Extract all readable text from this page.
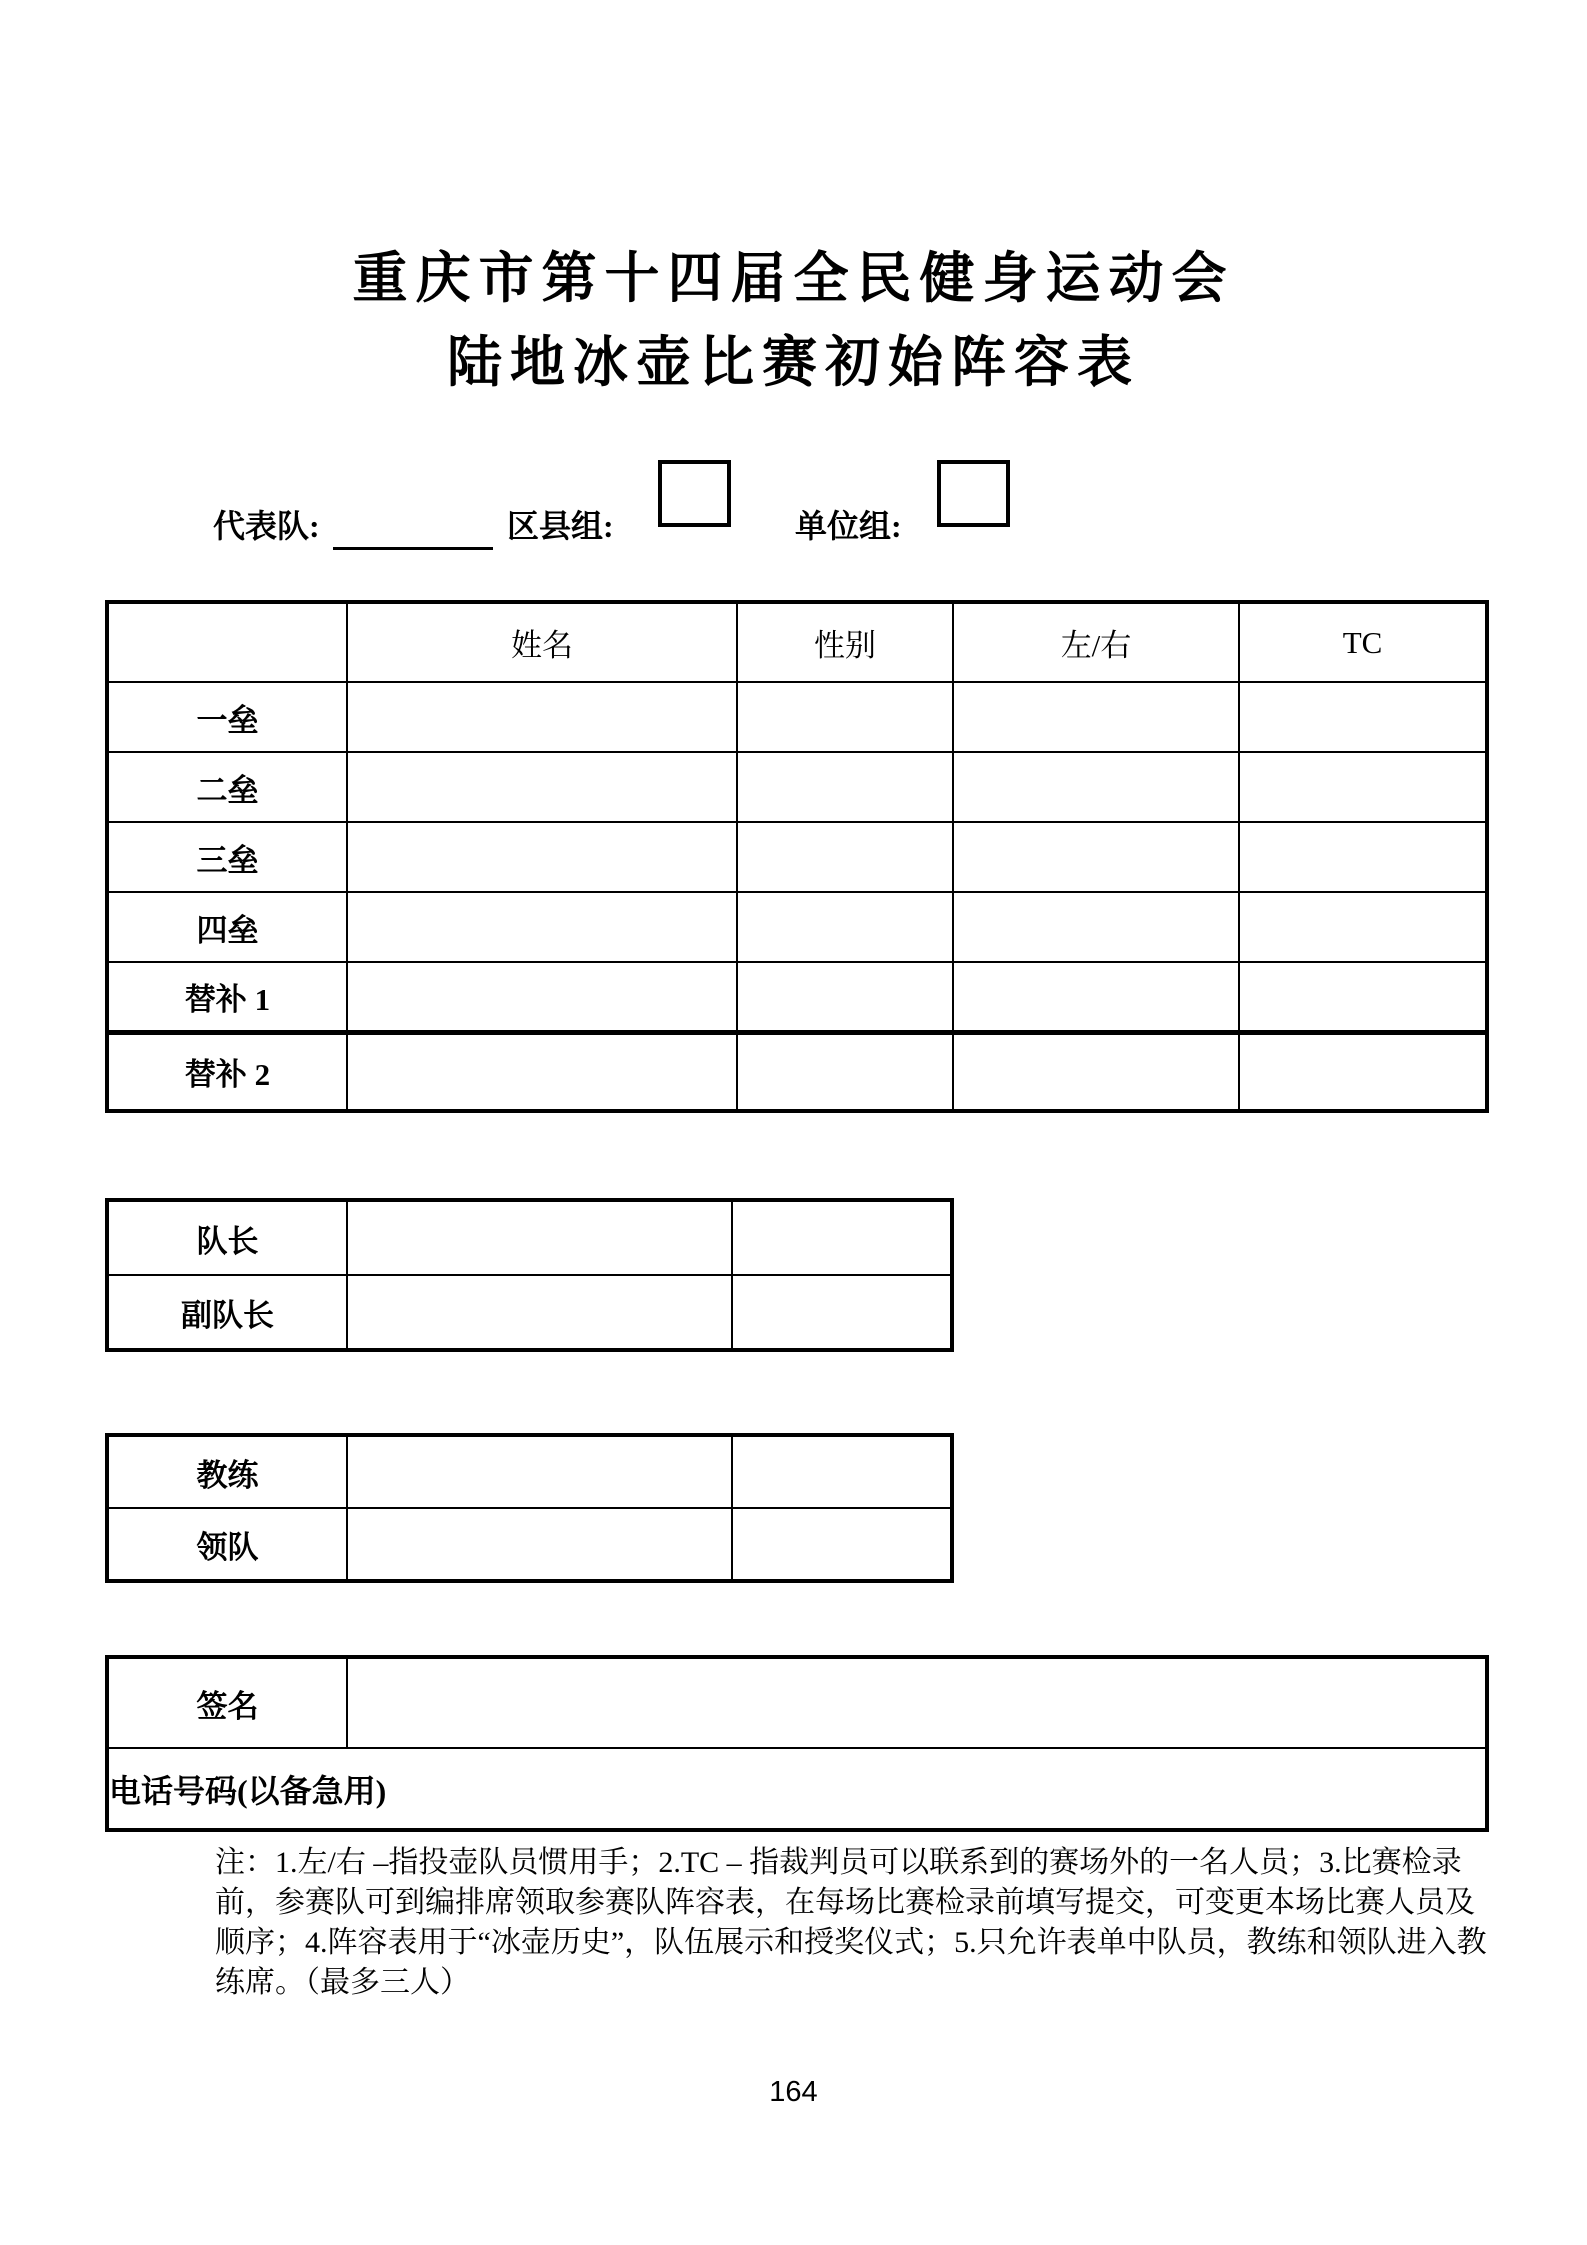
重庆市第十四届全民健身运动会
陆地冰壶比赛初始阵容表
代表队:	区县组:	单位组:
	姓名	性别	左/右	TC
一垒				
二垒				
三垒				
四垒				
替补 1				
替补 2				
队长		
副队长		
教练		
领队		
签名	
电话号码(以备急用)
注：1.左/右 –指投壶队员惯用手；2.TC – 指裁判员可以联系到的赛场外的一名人员；3.比赛检录
前，参赛队可到编排席领取参赛队阵容表，在每场比赛检录前填写提交，可变更本场比赛人员及
顺序；4.阵容表用于“冰壶历史”，队伍展示和授奖仪式；5.只允许表单中队员，教练和领队进入教
练席。（最多三人）
164
